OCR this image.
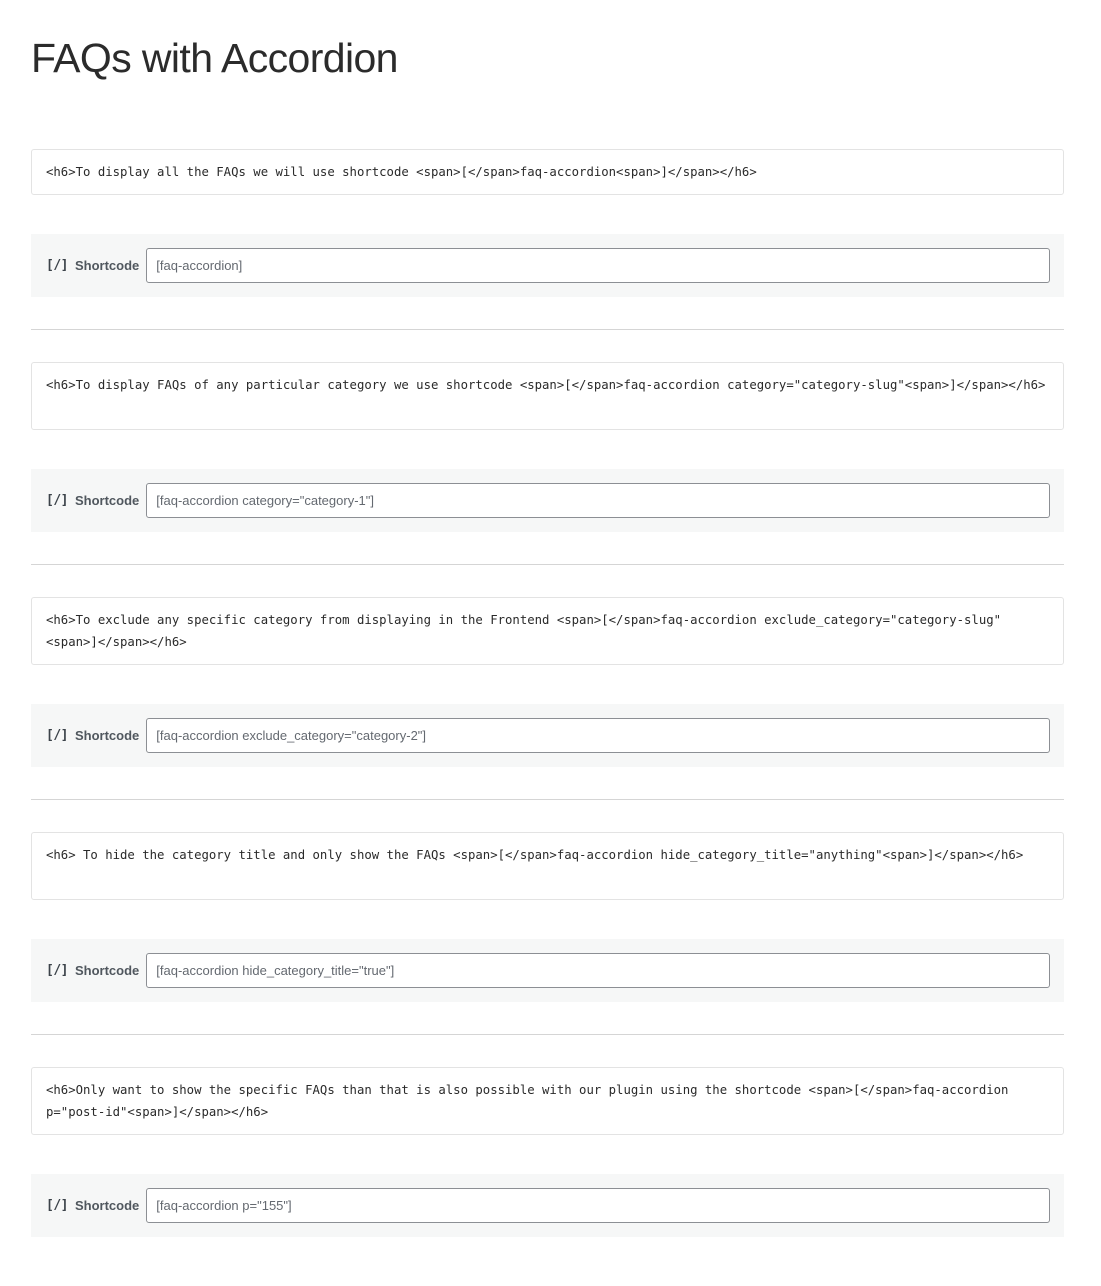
FAQs with Accordion
<h6>To display all the FAQs we will use shortcode <span>[</span>faq-accordion<span>]</span></h6>
[/] Shortcode
[faq-accordion]
<h6>To display FAQs of any particular category we use shortcode <span>[</span>faq-accordion category="category-slug"<span>]</span></h6>
[/] Shortcode
[faq-accordion category="category-1"]
<h6>To exclude any specific category from displaying in the Frontend <span>[</span>faq-accordion exclude_category="category-slug" <span>]</span></h6>
[/] Shortcode
[faq-accordion exclude_category="category-2"]
<h6> To hide the category title and only show the FAQs <span>[</span>faq-accordion hide_category_title="anything"<span>]</span></h6>
[/] Shortcode
[faq-accordion hide_category_title="true"]
<h6>Only want to show the specific FAQs than that is also possible with our plugin using the shortcode <span>[</span>faq-accordion p="post-id"<span>]</span></h6>
[/] Shortcode
[faq-accordion p="155"]
